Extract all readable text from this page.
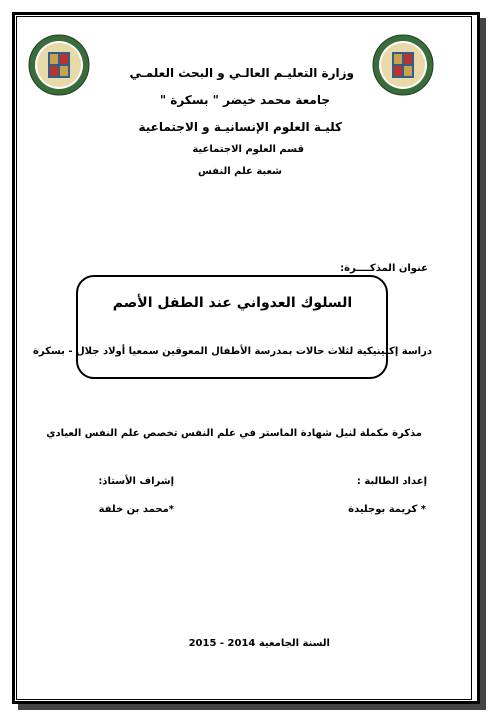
وزارة التعليـم العالـي و البحث العلمـي
جامعة محمد خيضر " بسكرة "
كليـة العلوم الإنسانيـة و الاجتماعية
قسم العلوم الاجتماعية
شعبة علم النفس
عنوان المذكــــرة:
السلوك العدواني عند الطفل الأصم
دراسة إكلينيكية لثلاث حالات بمدرسة الأطفال المعوقين سمعيا أولاد جلال - بسكرة
مذكرة مكملة لنيل شهادة الماستر في علم النفس تخصص علم النفس العيادي
إعداد الطالبة :
إشراف الأستاذ:
* كريمة بوجليدة
*محمد بن خلفة
السنة الجامعية 2014 - 2015
